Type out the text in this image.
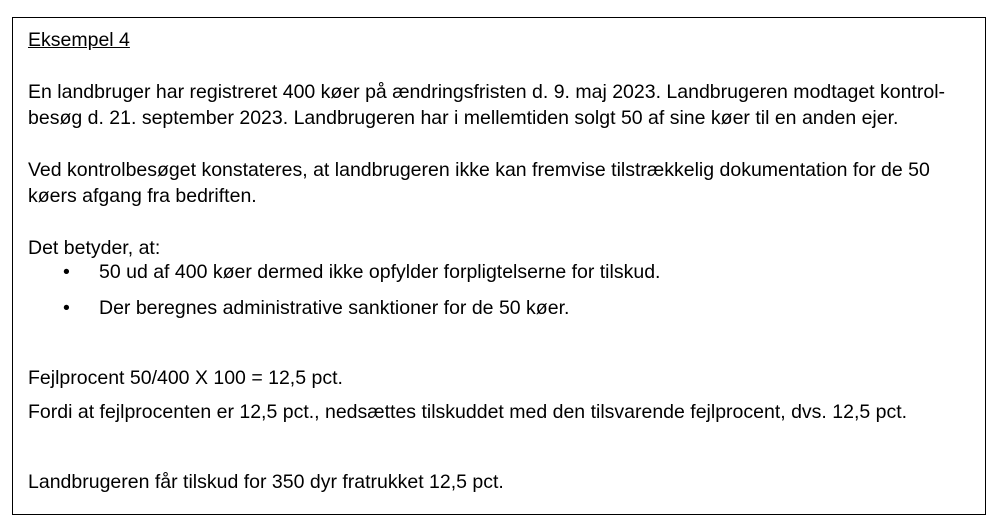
Eksempel 4
En landbruger har registreret 400 køer på ændringsfristen d. 9. maj 2023. Landbrugeren modtaget kontrol-
besøg d. 21. september 2023. Landbrugeren har i mellemtiden solgt 50 af sine køer til en anden ejer.
Ved kontrolbesøget konstateres, at landbrugeren ikke kan fremvise tilstrækkelig dokumentation for de 50
køers afgang fra bedriften.
Det betyder, at:
• 50 ud af 400 køer dermed ikke opfylder forpligtelserne for tilskud.
• Der beregnes administrative sanktioner for de 50 køer.
Fejlprocent 50/400 X 100 = 12,5 pct.
Fordi at fejlprocenten er 12,5 pct., nedsættes tilskuddet med den tilsvarende fejlprocent, dvs. 12,5 pct.
Landbrugeren får tilskud for 350 dyr fratrukket 12,5 pct.
